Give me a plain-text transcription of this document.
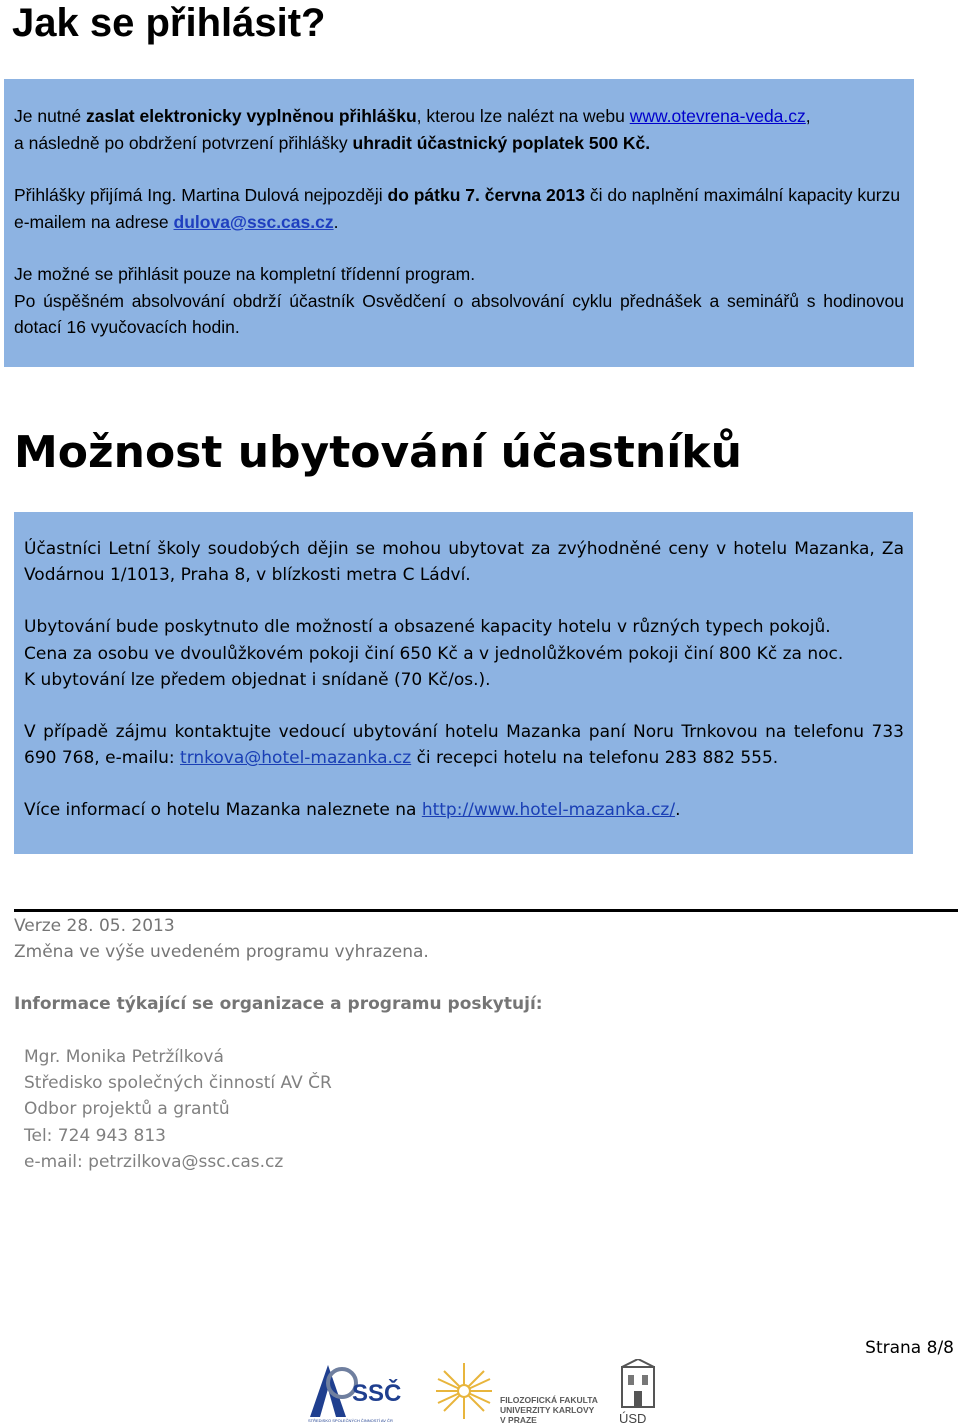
Jak se přihlásit?

Je nutné zaslat elektronicky vyplněnou přihlášku, kterou lze nalézt na webu www.otevrena-veda.cz,
a následně po obdržení potvrzení přihlášky uhradit účastnický poplatek 500 Kč.

Přihlášky přijímá Ing. Martina Dulová nejpozději do pátku 7. června 2013 či do naplnění maximální kapacity kurzu e-mailem na adrese dulova@ssc.cas.cz.

Je možné se přihlásit pouze na kompletní třídenní program.

Po úspěšném absolvování obdrží účastník Osvědčení o absolvování cyklu přednášek a seminářů s hodinovou dotací 16 vyučovacích hodin.

Možnost ubytování účastníků

Účastníci Letní školy soudobých dějin se mohou ubytovat za zvýhodněné ceny v hotelu Mazanka, Za Vodárnou 1/1013, Praha 8, v blízkosti metra C Ládví.

Ubytování bude poskytnuto dle možností a obsazené kapacity hotelu v různých typech pokojů.

Cena za osobu ve dvoulůžkovém pokoji činí 650 Kč a v jednolůžkovém pokoji činí 800 Kč za noc.

K ubytování lze předem objednat i snídaně (70 Kč/os.).

V případě zájmu kontaktujte vedoucí ubytování hotelu Mazanka paní Noru Trnkovou na telefonu 733 690 768, e-mailu: trnkova@hotel-mazanka.cz či recepci hotelu na telefonu 283 882 555.

Více informací o hotelu Mazanka naleznete na http://www.hotel-mazanka.cz/.

Verze 28. 05. 2013
Změna ve výše uvedeném programu vyhrazena.
Informace týkající se organizace a programu poskytují:
Mgr. Monika Petržílková
Středisko společných činností AV ČR
Odbor projektů a grantů
Tel: 724 943 813
e-mail: petrzilkova@ssc.cas.cz
Strana 8/8
SSČ
STŘEDISKO SPOLEČNÝCH ČINNOSTÍ AV ČR
FILOZOFICKÁ FAKULTA
UNIVERZITY KARLOVY
V PRAZE	ÚSD
